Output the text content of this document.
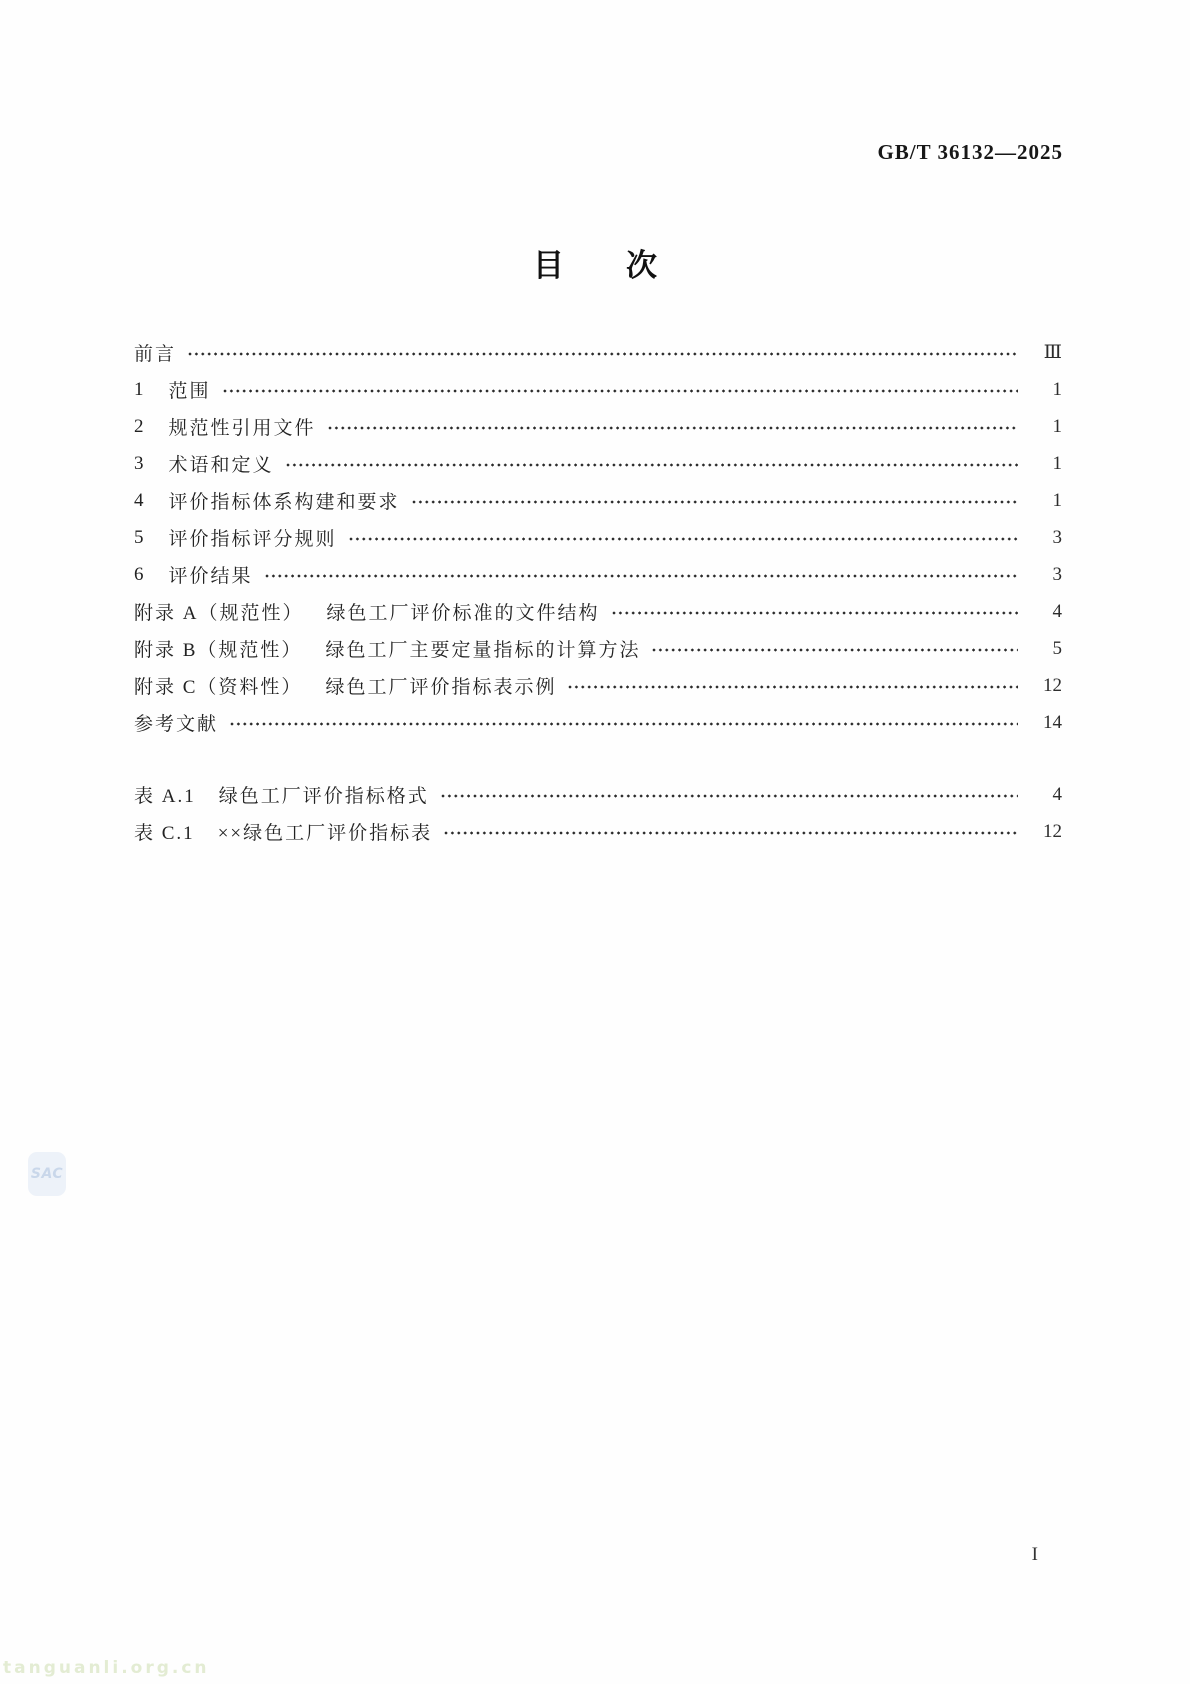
GB/T 36132—2025
目次
前言	Ⅲ
1 范围	1
2 规范性引用文件	1
3 术语和定义	1
4 评价指标体系构建和要求	1
5 评价指标评分规则	3
6 评价结果	3
附录 A（规范性） 绿色工厂评价标准的文件结构	4
附录 B（规范性） 绿色工厂主要定量指标的计算方法	5
附录 C（资料性） 绿色工厂评价指标表示例	12
参考文献	14
表 A.1 绿色工厂评价指标格式	4
表 C.1 ××绿色工厂评价指标表	12
SAC
I
tanguanli.org.cn
